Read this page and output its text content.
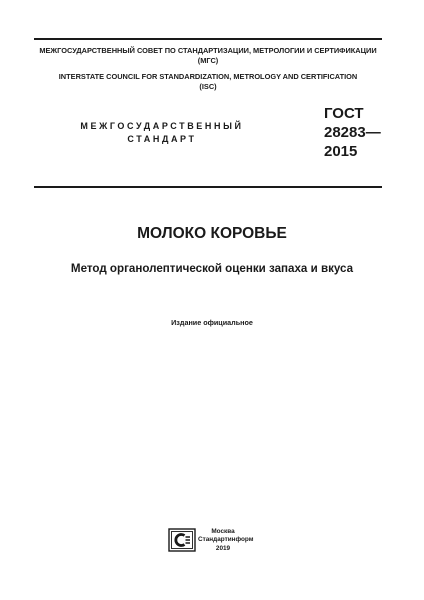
МЕЖГОСУДАРСТВЕННЫЙ СОВЕТ ПО СТАНДАРТИЗАЦИИ, МЕТРОЛОГИИ И СЕРТИФИКАЦИИ
(МГС)
INTERSTATE COUNCIL FOR STANDARDIZATION, METROLOGY AND CERTIFICATION
(ISC)
МЕЖГОСУДАРСТВЕННЫЙ
СТАНДАРТ
ГОСТ
28283—
2015
МОЛОКО КОРОВЬЕ
Метод органолептической оценки запаха и вкуса
Издание официальное
Москва
Стандартинформ
2019
